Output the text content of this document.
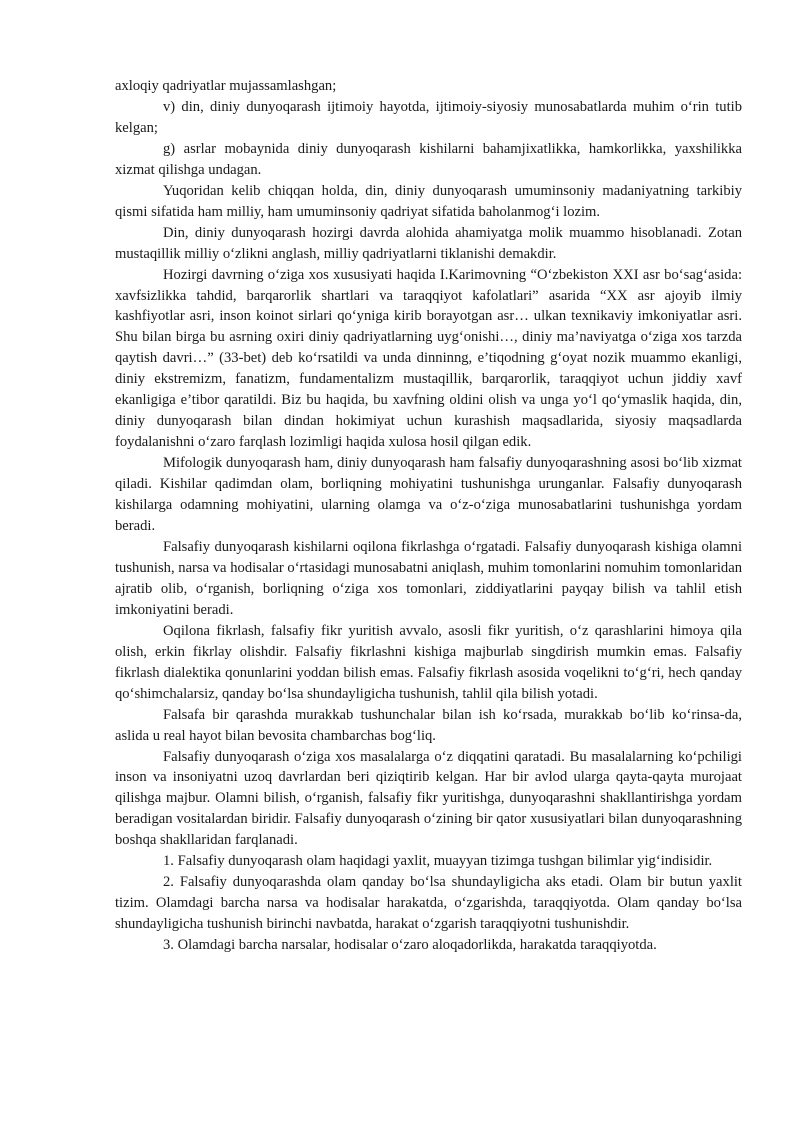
axloqiy qadriyatlar mujassamlashgan;

v) din, diniy dunyoqarash ijtimoiy hayotda, ijtimoiy-siyosiy munosabatlarda muhim o‘rin tutib kelgan;

g) asrlar mobaynida diniy dunyoqarash kishilarni bahamjixatlikka, hamkorlikka, yaxshilikka xizmat qilishga undagan.

Yuqoridan kelib chiqqan holda, din, diniy dunyoqarash umuminsoniy madaniyatning tarkibiy qismi sifatida ham milliy, ham umuminsoniy qadriyat sifatida baholanmog‘i lozim.

Din, diniy dunyoqarash hozirgi davrda alohida ahamiyatga molik muammo hisoblanadi. Zotan mustaqillik milliy o‘zlikni anglash, milliy qadriyatlarni tiklanishi demakdir.

Hozirgi davrning o‘ziga xos xususiyati haqida I.Karimovning “O‘zbekiston XXI asr bo‘sag‘asida: xavfsizlikka tahdid, barqarorlik shartlari va taraqqiyot kafolatlari” asarida “XX asr ajoyib ilmiy kashfiyotlar asri, inson koinot sirlari qo‘yniga kirib borayotgan asr… ulkan texnikaviy imkoniyatlar asri. Shu bilan birga bu asrning oxiri diniy qadriyatlarning uyg‘onishi…, diniy ma’naviyatga o‘ziga xos tarzda qaytish davri…” (33-bet) deb ko‘rsatildi va unda dinninng, e’tiqodning g‘oyat nozik muammo ekanligi, diniy ekstremizm, fanatizm, fundamentalizm mustaqillik, barqarorlik, taraqqiyot uchun jiddiy xavf ekanligiga e’tibor qaratildi. Biz bu haqida, bu xavfning oldini olish va unga yo‘l qo‘ymaslik haqida, din, diniy dunyoqarash bilan dindan hokimiyat uchun kurashish maqsadlarida, siyosiy maqsadlarda foydalanishni o‘zaro farqlash lozimligi haqida xulosa hosil qilgan edik.

Mifologik dunyoqarash ham, diniy dunyoqarash ham falsafiy dunyoqarashning asosi bo‘lib xizmat qiladi. Kishilar qadimdan olam, borliqning mohiyatini tushunishga urunganlar. Falsafiy dunyoqarash kishilarga odamning mohiyatini, ularning olamga va o‘z-o‘ziga munosabatlarini tushunishga yordam beradi.

Falsafiy dunyoqarash kishilarni oqilona fikrlashga o‘rgatadi. Falsafiy dunyoqarash kishiga olamni tushunish, narsa va hodisalar o‘rtasidagi munosabatni aniqlash, muhim tomonlarini nomuhim tomonlaridan ajratib olib, o‘rganish, borliqning o‘ziga xos tomonlari, ziddiyatlarini payqay bilish va tahlil etish imkoniyatini beradi.

Oqilona fikrlash, falsafiy fikr yuritish avvalo, asosli fikr yuritish, o‘z qarashlarini himoya qila olish, erkin fikrlay olishdir. Falsafiy fikrlashni kishiga majburlab singdirish mumkin emas. Falsafiy fikrlash dialektika qonunlarini yoddan bilish emas. Falsafiy fikrlash asosida voqelikni to‘g‘ri, hech qanday qo‘shimchalarsiz, qanday bo‘lsa shundayligicha tushunish, tahlil qila bilish yotadi.

Falsafa bir qarashda murakkab tushunchalar bilan ish ko‘rsada, murakkab bo‘lib ko‘rinsa-da, aslida u real hayot bilan bevosita chambarchas bog‘liq.

Falsafiy dunyoqarash o‘ziga xos masalalarga o‘z diqqatini qaratadi. Bu masalalarning ko‘pchiligi inson va insoniyatni uzoq davrlardan beri qiziqtirib kelgan. Har bir avlod ularga qayta-qayta murojaat qilishga majbur. Olamni bilish, o‘rganish, falsafiy fikr yuritishga, dunyoqarashni shakllantirishga yordam beradigan vositalardan biridir. Falsafiy dunyoqarash o‘zining bir qator xususiyatlari bilan dunyoqarashning boshqa shakllaridan farqlanadi.

1. Falsafiy dunyoqarash olam haqidagi yaxlit, muayyan tizimga tushgan bilimlar yig‘indisidir.

2. Falsafiy dunyoqarashda olam qanday bo‘lsa shundayligicha aks etadi. Olam bir butun yaxlit tizim. Olamdagi barcha narsa va hodisalar harakatda, o‘zgarishda, taraqqiyotda. Olam qanday bo‘lsa shundayligicha tushunish birinchi navbatda, harakat o‘zgarish taraqqiyotni tushunishdir.

3. Olamdagi barcha narsalar, hodisalar o‘zaro aloqadorlikda, harakatda taraqqiyotda.
